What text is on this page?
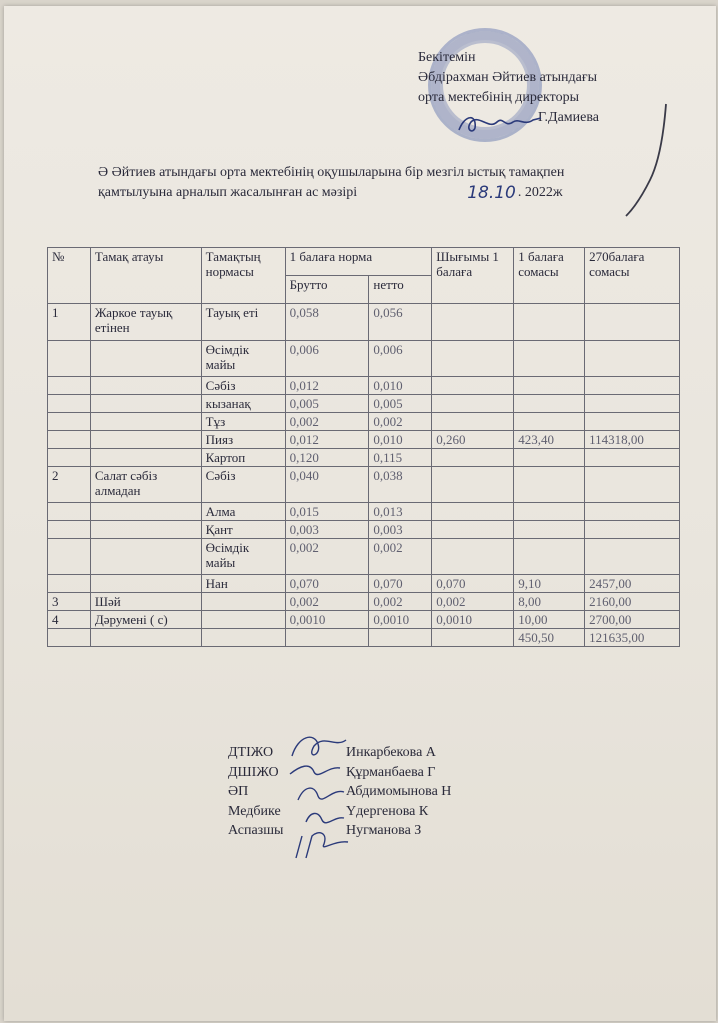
Бекітемін
Әбдірахман Әйтиев атындағы
орта мектебінің директоры
Г.Дамиева
Ә Әйтиев атындағы орта мектебінің оқушыларына бір мезгіл ыстық тамақпен
қамтылуына арналып жасалынған ас мәзірі	18.10 . 2022ж
№	Тамақ атауы	Тамақтың нормасы	1 балаға норма		Шығымы 1 балаға	1 балаға сомасы	270балаға сомасы
			Брутто	нетто			
1	Жаркое тауық етінен	Тауық еті	0,058	0,056			
		Өсімдік майы	0,006	0,006			
		Сәбіз	0,012	0,010			
		кызанақ	0,005	0,005			
		Тұз	0,002	0,002			
		Пияз	0,012	0,010	0,260	423,40	114318,00
		Картоп	0,120	0,115			
2	Салат сәбіз алмадан	Сәбіз	0,040	0,038			
		Алма	0,015	0,013			
		Қант	0,003	0,003			
		Өсімдік майы	0,002	0,002			
		Нан	0,070	0,070	0,070	9,10	2457,00
3	Шәй		0,002	0,002	0,002	8,00	2160,00
4	Дәрумені ( с)		0,0010	0,0010	0,0010	10,00	2700,00
						450,50	121635,00
ДТІЖО	Инкарбекова А
ДШІЖО	Құрманбаева Г
ӘП	Абдимомынова Н
Медбике	Үдергенова К
Аспазшы	Нугманова З
